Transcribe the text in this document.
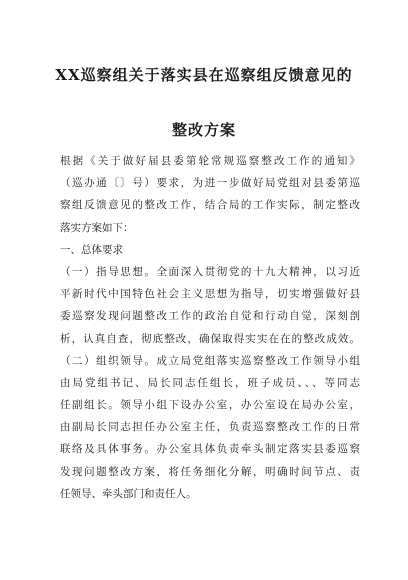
XX巡察组关于落实县在巡察组反馈意见的
整改方案
根据《关于做好届县委第轮常规巡察整改工作的通知》
（巡办通〔〕号）要求，为进一步做好局党组对县委第巡
察组反馈意见的整改工作，结合局的工作实际，制定整改
落实方案如下：
一、总体要求
（一）指导思想。全面深入贯彻党的十九大精神，以习近
平新时代中国特色社会主义思想为指导，切实增强做好县
委巡察发现问题整改工作的政治自觉和行动自觉，深刻剖
析，认真自查，彻底整改，确保取得实实在在的整改成效。
（二）组织领导。成立局党组落实巡察整改工作领导小组
由局党组书记、局长同志任组长，班子成员、、、等同志
任副组长。领导小组下设办公室，办公室设在局办公室，
由副局长同志担任办公室主任，负责巡察整改工作的日常
联络及具体事务。办公室具体负责牵头制定落实县委巡察
发现问题整改方案，将任务细化分解，明确时间节点、责
任领导、牵头部门和责任人。
